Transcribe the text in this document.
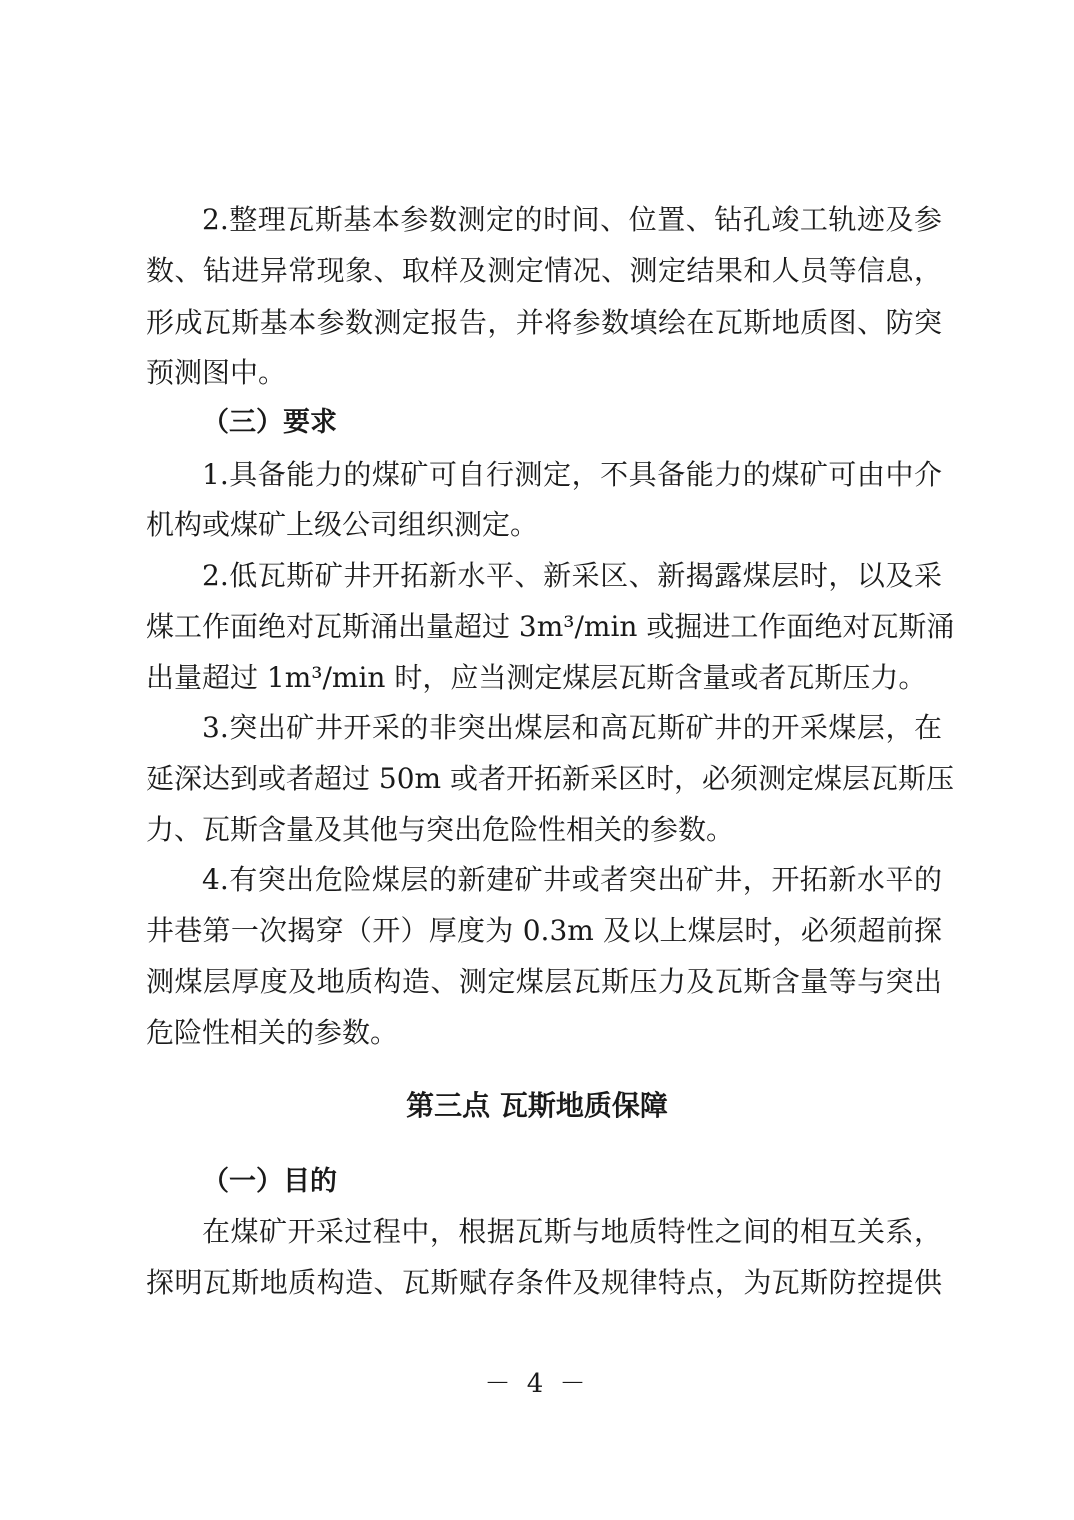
2.整理瓦斯基本参数测定的时间、位置、钻孔竣工轨迹及参
数、钻进异常现象、取样及测定情况、测定结果和人员等信息，
形成瓦斯基本参数测定报告，并将参数填绘在瓦斯地质图、防突
预测图中。
（三）要求
1.具备能力的煤矿可自行测定，不具备能力的煤矿可由中介
机构或煤矿上级公司组织测定。
2.低瓦斯矿井开拓新水平、新采区、新揭露煤层时，以及采
煤工作面绝对瓦斯涌出量超过 3m³/min 或掘进工作面绝对瓦斯涌
出量超过 1m³/min 时，应当测定煤层瓦斯含量或者瓦斯压力。
3.突出矿井开采的非突出煤层和高瓦斯矿井的开采煤层，在
延深达到或者超过 50m 或者开拓新采区时，必须测定煤层瓦斯压
力、瓦斯含量及其他与突出危险性相关的参数。
4.有突出危险煤层的新建矿井或者突出矿井，开拓新水平的
井巷第一次揭穿（开）厚度为 0.3m 及以上煤层时，必须超前探
测煤层厚度及地质构造、测定煤层瓦斯压力及瓦斯含量等与突出
危险性相关的参数。
第三点 瓦斯地质保障
（一）目的
在煤矿开采过程中，根据瓦斯与地质特性之间的相互关系，
探明瓦斯地质构造、瓦斯赋存条件及规律特点，为瓦斯防控提供
－ 4 －
